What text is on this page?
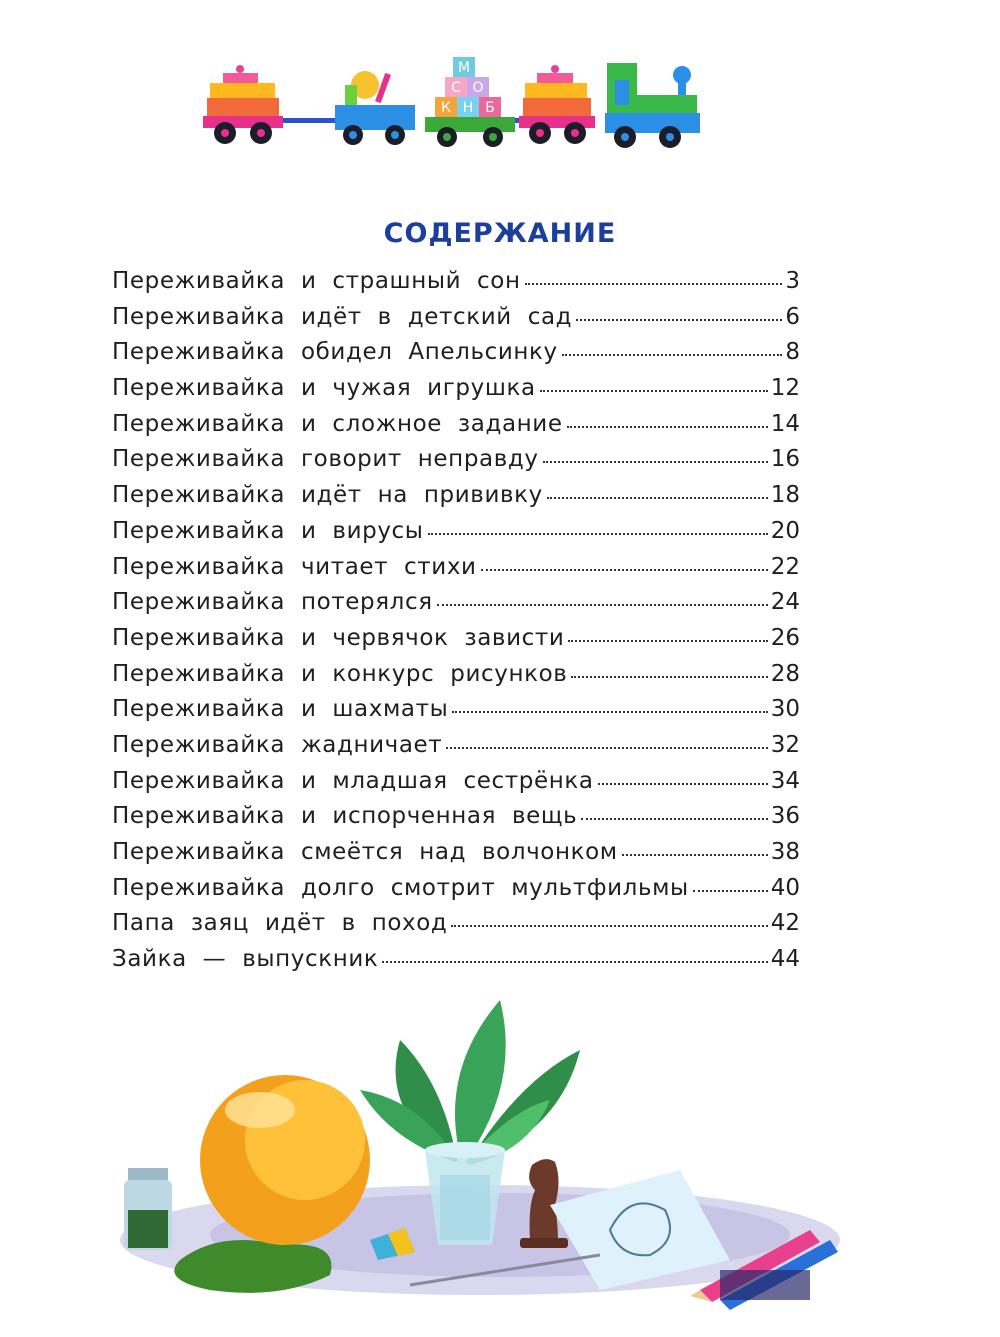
М
С О
К Н Б
СОДЕРЖАНИЕ
Переживайка и страшный сон	3
Переживайка идёт в детский сад	6
Переживайка обидел Апельсинку	8
Переживайка и чужая игрушка	12
Переживайка и сложное задание	14
Переживайка говорит неправду	16
Переживайка идёт на прививку	18
Переживайка и вирусы	20
Переживайка читает стихи	22
Переживайка потерялся	24
Переживайка и червячок зависти	26
Переживайка и конкурс рисунков	28
Переживайка и шахматы	30
Переживайка жадничает	32
Переживайка и младшая сестрёнка	34
Переживайка и испорченная вещь	36
Переживайка смеётся над волчонком	38
Переживайка долго смотрит мультфильмы	40
Папа заяц идёт в поход	42
Зайка — выпускник	44
